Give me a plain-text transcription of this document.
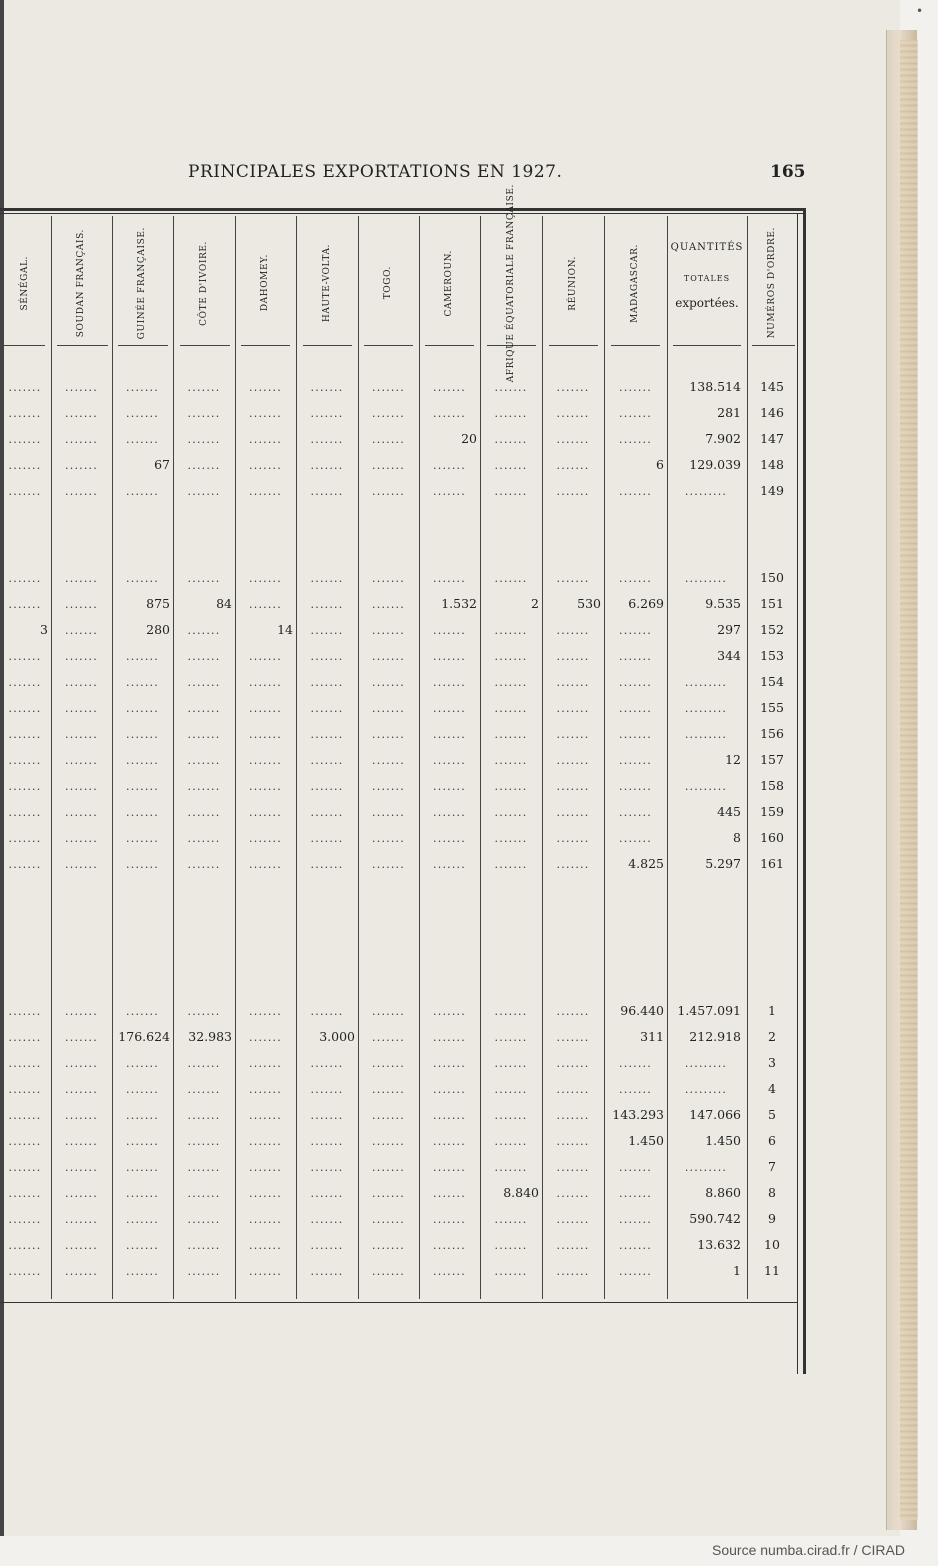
•
PRINCIPALES EXPORTATIONS EN 1927.	165
QUANTITÉS
TOTALES
exportées.	NUMÉROS D'ORDRE.
SÉNÉGAL.	SOUDAN FRANÇAIS.	GUINÉE FRANÇAISE.	CÔTE D'IVOIRE.	DAHOMEY.	HAUTE-VOLTA.	TOGO.	CAMEROUN.	AFRIQUE ÉQUATORIALE FRANÇAISE.	RÉUNION.	MADAGASCAR.
.......	.......	.......	.......	.......	.......	.......	.......	.......	.......	.......	138.514	145
.......	.......	.......	.......	.......	.......	.......	.......	.......	.......	.......	281	146
.......	.......	.......	.......	.......	.......	.......	20	.......	.......	.......	7.902	147
.......	.......	67	.......	.......	.......	.......	.......	.......	.......	6	129.039	148
.......	.......	.......	.......	.......	.......	.......	.......	.......	.......	.......	.........	149
.......	.......	.......	.......	.......	.......	.......	.......	.......	.......	.......	.........	150
.......	.......	875	84	.......	.......	.......	1.532	2	530	6.269	9.535	151
3	.......	280	.......	14	.......	.......	.......	.......	.......	.......	297	152
.......	.......	.......	.......	.......	.......	.......	.......	.......	.......	.......	344	153
.......	.......	.......	.......	.......	.......	.......	.......	.......	.......	.......	.........	154
.......	.......	.......	.......	.......	.......	.......	.......	.......	.......	.......	.........	155
.......	.......	.......	.......	.......	.......	.......	.......	.......	.......	.......	.........	156
.......	.......	.......	.......	.......	.......	.......	.......	.......	.......	.......	12	157
.......	.......	.......	.......	.......	.......	.......	.......	.......	.......	.......	.........	158
.......	.......	.......	.......	.......	.......	.......	.......	.......	.......	.......	445	159
.......	.......	.......	.......	.......	.......	.......	.......	.......	.......	.......	8	160
.......	.......	.......	.......	.......	.......	.......	.......	.......	.......	4.825	5.297	161
.......	.......	.......	.......	.......	.......	.......	.......	.......	.......	96.440	1.457.091	1
.......	.......	176.624	32.983	.......	3.000	.......	.......	.......	.......	311	212.918	2
.......	.......	.......	.......	.......	.......	.......	.......	.......	.......	.......	.........	3
.......	.......	.......	.......	.......	.......	.......	.......	.......	.......	.......	.........	4
.......	.......	.......	.......	.......	.......	.......	.......	.......	.......	143.293	147.066	5
.......	.......	.......	.......	.......	.......	.......	.......	.......	.......	1.450	1.450	6
.......	.......	.......	.......	.......	.......	.......	.......	.......	.......	.......	.........	7
.......	.......	.......	.......	.......	.......	.......	.......	8.840	.......	.......	8.860	8
.......	.......	.......	.......	.......	.......	.......	.......	.......	.......	.......	590.742	9
.......	.......	.......	.......	.......	.......	.......	.......	.......	.......	.......	13.632	10
.......	.......	.......	.......	.......	.......	.......	.......	.......	.......	.......	1	11
Source numba.cirad.fr / CIRAD
